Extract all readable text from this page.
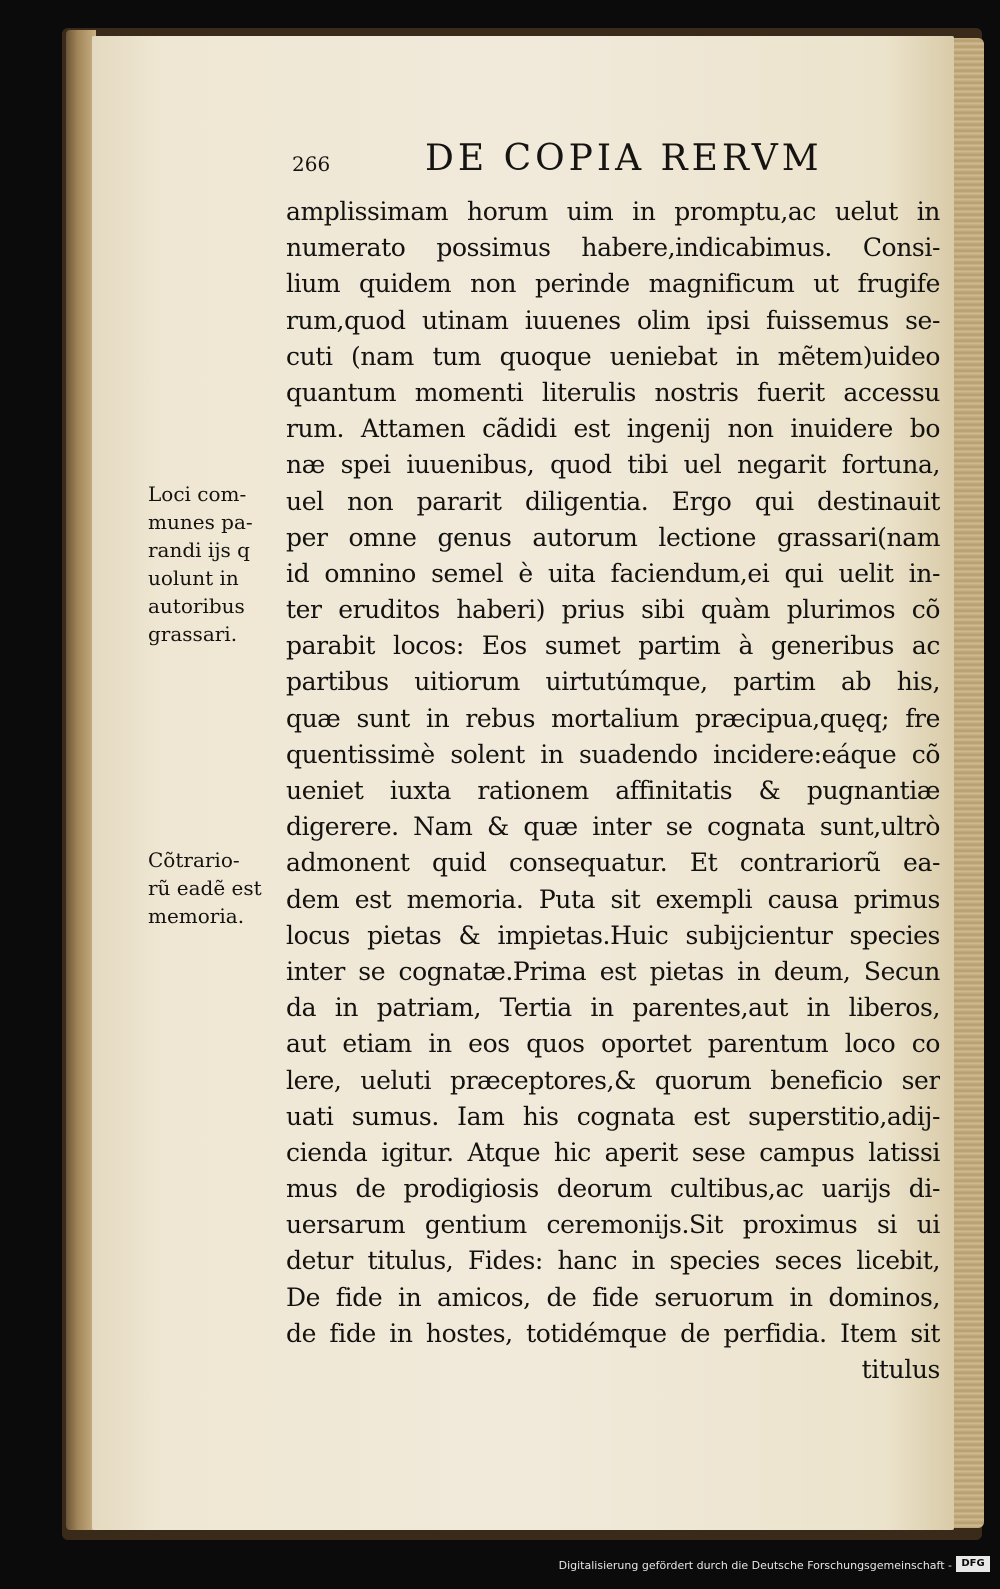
266	DE COPIA RERVM
amplissimam horum uim in promptu,ac uelut in
numerato possimus habere,indicabimus. Consi-
lium quidem non perinde magnificum ut frugife
rum,quod utinam iuuenes olim ipsi fuissemus se-
cuti (nam tum quoque ueniebat in mẽtem)uideo
quantum momenti literulis nostris fuerit accessu
rum. Attamen cãdidi est ingenij non inuidere bo
næ spei iuuenibus, quod tibi uel negarit fortuna,
uel non pararit diligentia. Ergo qui destinauit
per omne genus autorum lectione grassari(nam
id omnino semel è uita faciendum,ei qui uelit in-
ter eruditos haberi) prius sibi quàm plurimos cõ
parabit locos: Eos sumet partim à generibus ac
partibus uitiorum uirtutúmque, partim ab his,
quæ sunt in rebus mortalium præcipua,quęq; fre
quentissimè solent in suadendo incidere:eáque cõ
ueniet iuxta rationem affinitatis & pugnantiæ
digerere. Nam & quæ inter se cognata sunt,ultrò
admonent quid consequatur. Et contrariorũ ea-
dem est memoria. Puta sit exempli causa primus
locus pietas & impietas.Huic subijcientur species
inter se cognatæ.Prima est pietas in deum, Secun
da in patriam, Tertia in parentes,aut in liberos,
aut etiam in eos quos oportet parentum loco co
lere, ueluti præceptores,& quorum beneficio ser
uati sumus. Iam his cognata est superstitio,adij-
cienda igitur. Atque hic aperit sese campus latissi
mus de prodigiosis deorum cultibus,ac uarijs di-
uersarum gentium ceremonijs.Sit proximus si ui
detur titulus, Fides: hanc in species seces licebit,
De fide in amicos, de fide seruorum in dominos,
de fide in hostes, totidémque de perfidia. Item sit
titulus
Loci com-
munes pa-
randi ijs q
uolunt in
autoribus
grassari.
Cõtrario-
rũ eadẽ est
memoria.
Digitalisierung gefördert durch die Deutsche Forschungsgemeinschaft - DFG
